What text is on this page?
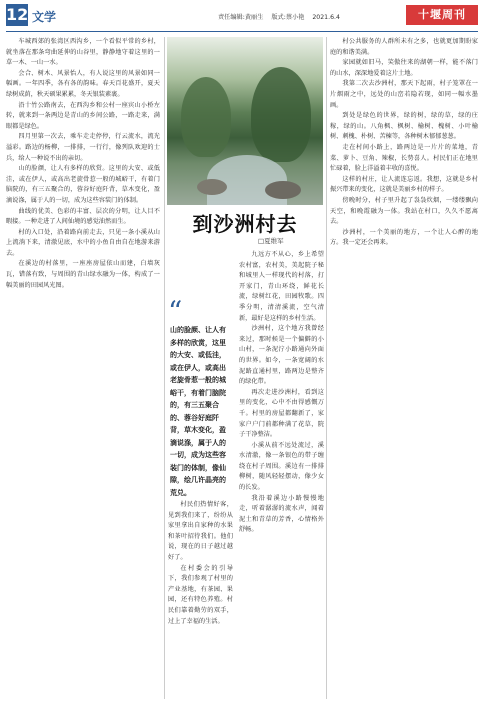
12 文学	责任编辑:黄丽生 版式:蔡小艳 2021.6.4	十堰周刊

车城西郊的张湾区西沟乡，一个看似平常的乡村，就坐落在那条弯曲延伸的山谷里，静静地守着这里的一草一木、一山一水。

会合、树木、风景怡人，有人说这里的风景如同一幅画。一年四季，各有各的韵味。春天百花盛开，夏天绿树成荫，秋天硕果累累，冬天银装素裹。

沿十竹公路南去，在西沟乡和公村一座宾山小桥左转，就来到一条两边是青山的乡间公路，一路走来，满眼都是绿色。

四月里第一次去，乘车走走停停，行云流水，流光溢彩。路边的杨柳，一排排，一行行，像列队欢迎的士兵，给人一种说不出的亲切。

山的脸颜，让人有多样的欣赏。这里的大安、或低洼，或在伊人，或高出老旋骨惹一般的城峪干，有着门脑院的，有三五聚合的，蓉谷好庭阡背，草木变化，盈滴说涤，属于人的一切，成为这些容装门的体制。

曲线的优美、色彩的丰富、层次的分明，让人目不暇接。一种走进了人间仙境的感觉油然而生。

村的入口处，沿着路向前走去，只见一条小溪从山上流淌下来，清澈见底，水中的小鱼自由自在地游来游去。

在溪边的村落里，一座座房屋依山而建，白墙灰瓦，错落有致，与周围的青山绿水融为一体，构成了一幅美丽的田园风光图。

到沙洲村去
□夏维军
“
山的脸颜、让人有多样的欣赏，这里的大安、或低洼，或在伊人，或高出老旋骨惹一般的城峪干，有着门脑院的，有三五聚合的、蓉谷好庭阡背，草木变化，盈滴说涤，属于人的一切，成为这些容装门的体制，像仙隙，绘几许晶亮的荒兑。

九远方不从心，乡上希望农村富，农村美，美起院子秘和城里人一样现代的村落，打开家门，青山环绕，鲜花长流，绿树红花，田园牧歌。四季分明，清清溪流，空气清新，最好是这样的乡村生活。

沙洲村，这个地方我曾经来过，那时候是一个偏僻的小山村，一条泥泞小路通向外面的世界。如今，一条宽阔的水泥路直通村里，路两边是整齐的绿化带。

再次走进沙洲村，看到这里的变化，心中不由得感慨万千。村里的房屋都翻新了，家家户户门前都种满了花草，院子干净整洁。

小溪从前不远处流过，溪水清澈，像一条银色的带子缠绕在村子周围。溪边有一排排柳树，随风轻轻摆动，像少女的长发。

我沿着溪边小路慢慢地走，听着潺潺的流水声，闻着泥土和青草的芳香，心情格外舒畅。

村民们热情好客，见到我们来了，纷纷从家里拿出自家种的水果和茶叶招待我们。他们说，现在的日子越过越好了。

在村委会的引导下，我们参观了村里的产业基地，有茶园、果园，还有特色养殖。村民们靠着勤劳的双手，过上了幸福的生活。

村公共服务的人群所未有之多，也就更加期盼家庭的和谐美满。

家园就如旧马，笑傲往来的湖朝一样，能不落门的山水，深深地爱着这片土地。

我第二次去沙洲村，那天下起雨，村子笼罩在一片烟雨之中，远处的山峦若隐若现，如同一幅水墨画。

到处是绿色的世界，绿的树，绿的草，绿的庄稼，绿的山。八角枫、枫树、榆树、槐树、小叶榆树、刺槐、朴树、苦楝等，各种树木郁郁葱葱。

走在村间小路上，路两边是一片片的菜地，青菜、萝卜、豆角、辣椒，长势喜人。村民们正在地里忙碌着，脸上洋溢着丰收的喜悦。

这样的村庄，让人流连忘返。我想，这就是乡村振兴带来的变化，这就是美丽乡村的样子。

傍晚时分，村子里升起了袅袅炊烟，一缕缕飘向天空，和晚霞融为一体。我站在村口，久久不愿离去。

沙洲村，一个美丽的地方，一个让人心醉的地方。我一定还会再来。
